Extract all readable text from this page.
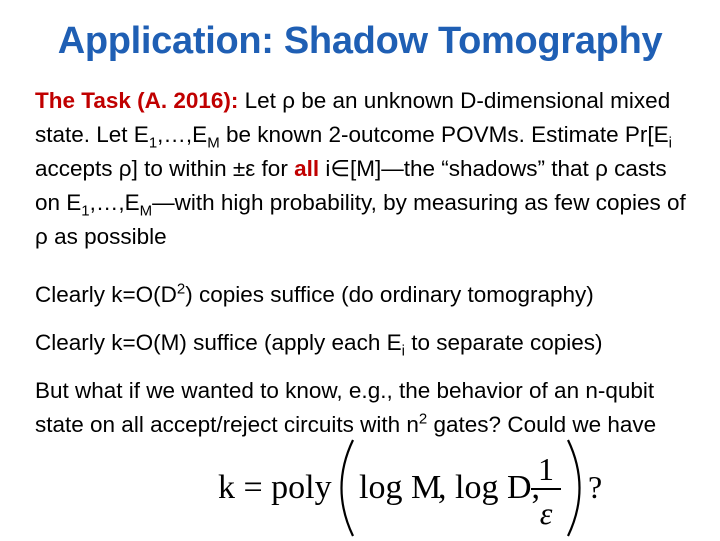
Application: Shadow Tomography
The Task (A. 2016): Let ρ be an unknown D-dimensional mixed state. Let $E_1,\dots,E_M$ be known 2-outcome POVMs. Estimate $Pr[E_i$ accepts ρ] to within ±ε for all i∈[M]—the “shadows” that ρ casts on $E_1,\dots,E_M—with$ high probability, by measuring as few copies of ρ as possible
Clearly $k=O(D^2)$ copies suffice (do ordinary tomography)
Clearly k=O(M) suffice (apply each $E_i$ to separate copies)
But what if we wanted to know, e.g., the behavior of an n-qubit state on all accept/reject circuits with $n^2$ gates? Could we have
k = poly log M
, log D,
1
ε
?
